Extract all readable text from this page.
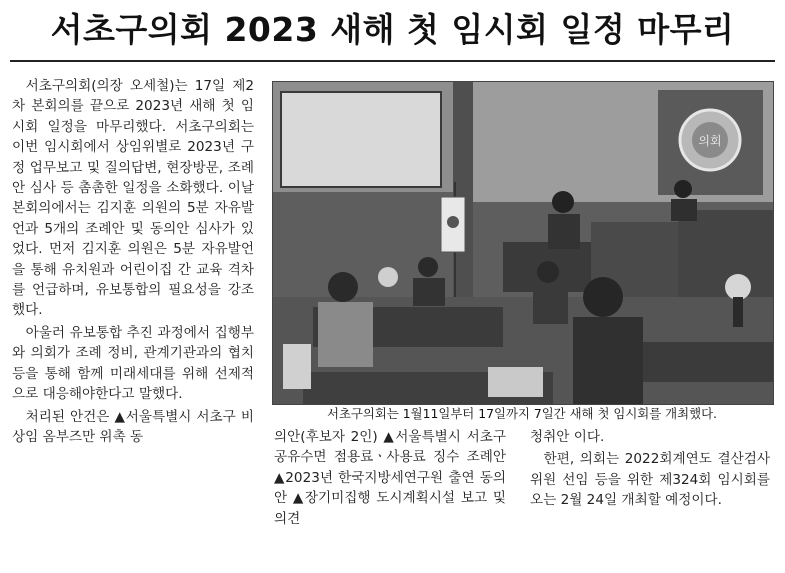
서초구의회 2023 새해 첫 임시회 일정 마무리

서초구의회(의장 오세철)는 17일 제2차 본회의를 끝으로 2023년 새해 첫 임시회 일정을 마무리했다. 서초구의회는 이번 임시회에서 상임위별로 2023년 구정 업무보고 및 질의답변, 현장방문, 조례안 심사 등 촘촘한 일정을 소화했다. 이날 본회의에서는 김지훈 의원의 5분 자유발언과 5개의 조례안 및 동의안 심사가 있었다. 먼저 김지훈 의원은 5분 자유발언을 통해 유치원과 어린이집 간 교육 격차를 언급하며, 유보통합의 필요성을 강조했다.

아울러 유보통합 추진 과정에서 집행부와 의회가 조례 정비, 관계기관과의 협치 등을 통해 함께 미래세대를 위해 선제적으로 대응해야한다고 말했다.

처리된 안건은 ▲서울특별시 서초구 비상임 옴부즈만 위촉 동

의회
서초구의회는 1월11일부터 17일까지 7일간 새해 첫 임시회를 개최했다.

의안(후보자 2인) ▲서울특별시 서초구 공유수면 점용료ㆍ사용료 징수 조례안 ▲2023년 한국지방세연구원 출연 동의안 ▲장기미집행 도시계획시설 보고 및 의견

청취안 이다.

한편, 의회는 2022회계연도 결산검사 위원 선임 등을 위한 제324회 임시회를 오는 2월 24일 개최할 예정이다.
